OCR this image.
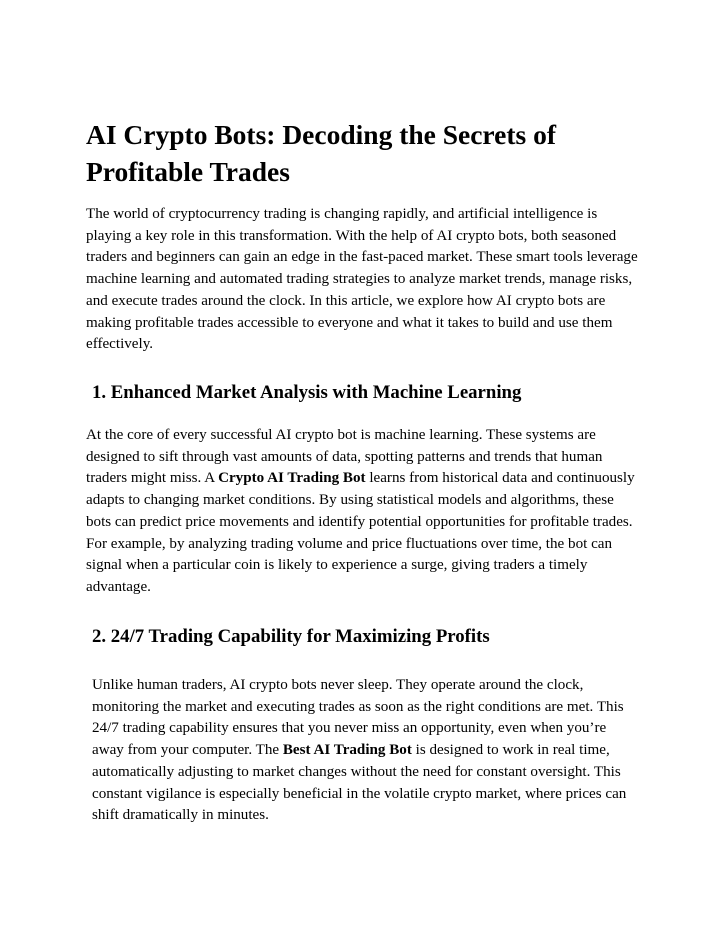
AI Crypto Bots: Decoding the Secrets of Profitable Trades

The world of cryptocurrency trading is changing rapidly, and artificial intelligence is playing a key role in this transformation. With the help of AI crypto bots, both seasoned traders and beginners can gain an edge in the fast-paced market. These smart tools leverage machine learning and automated trading strategies to analyze market trends, manage risks, and execute trades around the clock. In this article, we explore how AI crypto bots are making profitable trades accessible to everyone and what it takes to build and use them effectively.

1. Enhanced Market Analysis with Machine Learning

At the core of every successful AI crypto bot is machine learning. These systems are designed to sift through vast amounts of data, spotting patterns and trends that human traders might miss. A Crypto AI Trading Bot learns from historical data and continuously adapts to changing market conditions. By using statistical models and algorithms, these bots can predict price movements and identify potential opportunities for profitable trades. For example, by analyzing trading volume and price fluctuations over time, the bot can signal when a particular coin is likely to experience a surge, giving traders a timely advantage.

2. 24/7 Trading Capability for Maximizing Profits

Unlike human traders, AI crypto bots never sleep. They operate around the clock, monitoring the market and executing trades as soon as the right conditions are met. This 24/7 trading capability ensures that you never miss an opportunity, even when you’re away from your computer. The Best AI Trading Bot is designed to work in real time, automatically adjusting to market changes without the need for constant oversight. This constant vigilance is especially beneficial in the volatile crypto market, where prices can shift dramatically in minutes.
